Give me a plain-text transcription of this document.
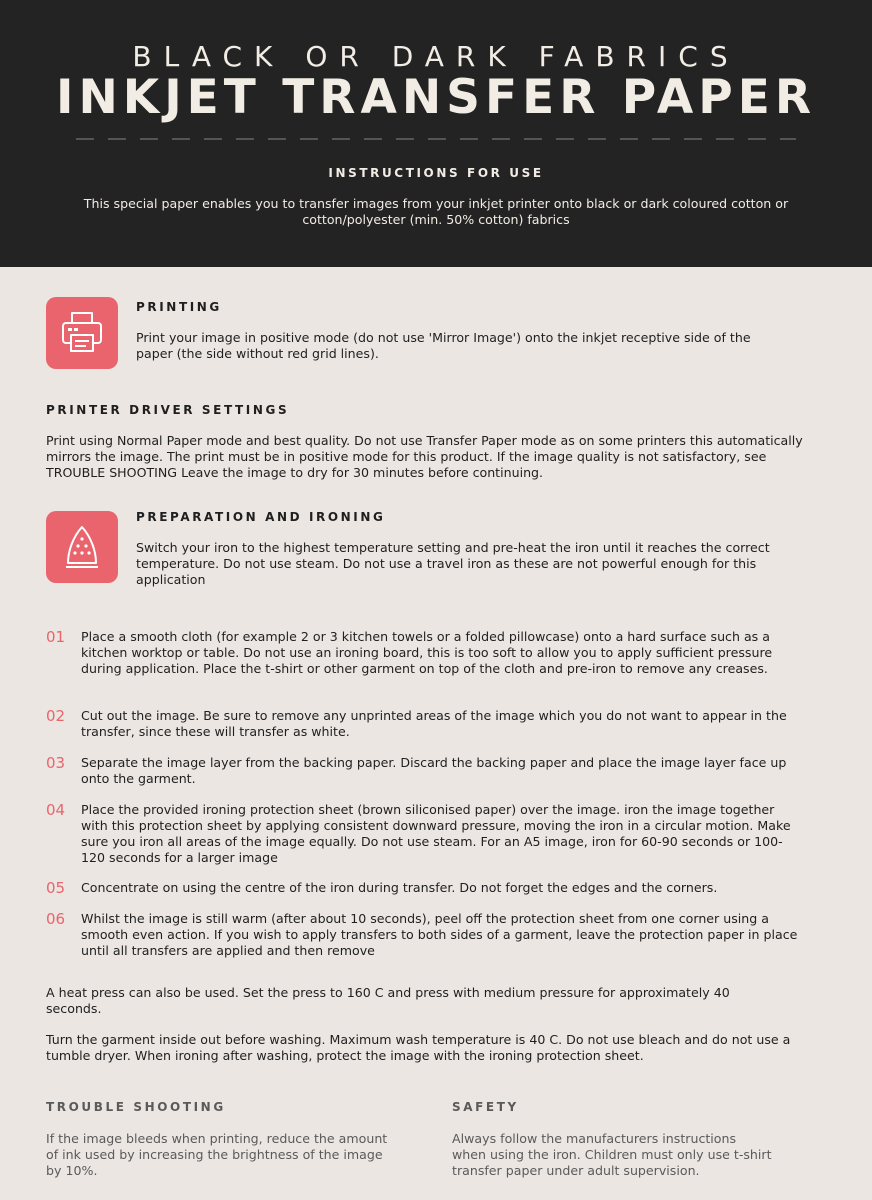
BLACK OR DARK FABRICS
INKJET TRANSFER PAPER
INSTRUCTIONS FOR USE
This special paper enables you to transfer images from your inkjet printer onto black or dark coloured cotton or cotton/polyester (min. 50% cotton) fabrics
PRINTING
Print your image in positive mode (do not use 'Mirror Image') onto the inkjet receptive side of the paper (the side without red grid lines).
PRINTER DRIVER SETTINGS
Print using Normal Paper mode and best quality. Do not use Transfer Paper mode as on some printers this automatically mirrors the image. The print must be in positive mode for this product. If the image quality is not satisfactory, see TROUBLE SHOOTING Leave the image to dry for 30 minutes before continuing.
PREPARATION AND IRONING
Switch your iron to the highest temperature setting and pre-heat the iron until it reaches the correct temperature. Do not use steam. Do not use a travel iron as these are not powerful enough for this application
01 Place a smooth cloth (for example 2 or 3 kitchen towels or a folded pillowcase) onto a hard surface such as a kitchen worktop or table. Do not use an ironing board, this is too soft to allow you to apply sufficient pressure during application. Place the t-shirt or other garment on top of the cloth and pre-iron to remove any creases.
02 Cut out the image. Be sure to remove any unprinted areas of the image which you do not want to appear in the transfer, since these will transfer as white.
03 Separate the image layer from the backing paper. Discard the backing paper and place the image layer face up onto the garment.
04 Place the provided ironing protection sheet (brown siliconised paper) over the image. iron the image together with this protection sheet by applying consistent downward pressure, moving the iron in a circular motion. Make sure you iron all areas of the image equally. Do not use steam. For an A5 image, iron for 60-90 seconds or 100-120 seconds for a larger image
05 Concentrate on using the centre of the iron during transfer. Do not forget the edges and the corners.
06 Whilst the image is still warm (after about 10 seconds), peel off the protection sheet from one corner using a smooth even action. If you wish to apply transfers to both sides of a garment, leave the protection paper in place until all transfers are applied and then remove
A heat press can also be used. Set the press to 160 C and press with medium pressure for approximately 40 seconds.
Turn the garment inside out before washing. Maximum wash temperature is 40 C. Do not use bleach and do not use a tumble dryer. When ironing after washing, protect the image with the ironing protection sheet.
TROUBLE SHOOTING
If the image bleeds when printing, reduce the amount of ink used by increasing the brightness of the image by 10%.
SAFETY
Always follow the manufacturers instructions when using the iron. Children must only use t-shirt transfer paper under adult supervision.
